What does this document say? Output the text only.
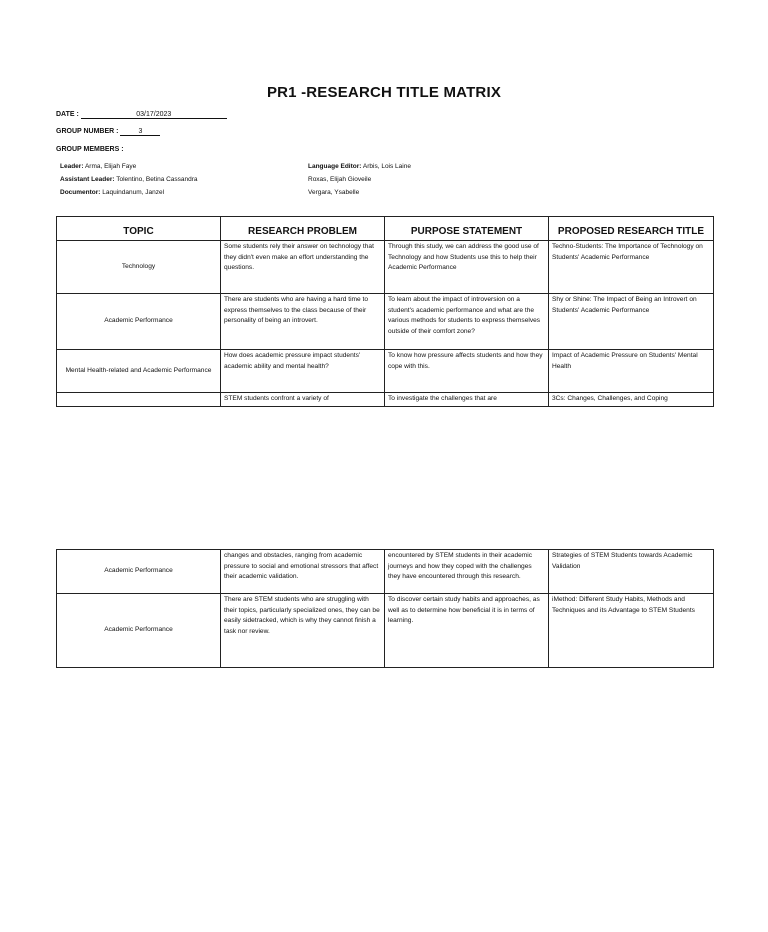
PR1 -RESEARCH TITLE MATRIX
DATE :	03/17/2023
GROUP NUMBER :	3
GROUP MEMBERS :
Leader: Arma, Elijah Faye
Assistant Leader: Tolentino, Betina Cassandra
Documentor: Laquindanum, Janzel
Language Editor: Arbis, Lois Laine
Roxas, Elijah Gioveile
Vergara, Ysabelle
TOPIC	RESEARCH PROBLEM	PURPOSE STATEMENT	PROPOSED RESEARCH TITLE
Technology	Some students rely their answer on technology that they didn't even make an effort understanding the questions.	Through this study, we can address the good use of Technology and how Students use this to help their Academic Performance	Techno-Students: The Importance of Technology on Students' Academic Performance
Academic Performance	There are students who are having a hard time to express themselves to the class because of their personality of being an introvert.	To learn about the impact of introversion on a student's academic performance and what are the various methods for students to express themselves outside of their comfort zone?	Shy or Shine: The Impact of Being an Introvert on Students' Academic Performance
Mental Health-related and Academic Performance	How does academic pressure impact students' academic ability and mental health?	To know how pressure affects students and how they cope with this.	Impact of Academic Pressure on Students' Mental Health
	STEM students confront a variety of	To investigate the challenges that are	3Cs: Changes, Challenges, and Coping
Academic Performance	changes and obstacles, ranging from academic pressure to social and emotional stressors that affect their academic validation.	encountered by STEM students in their academic journeys and how they coped with the challenges they have encountered through this research.	Strategies of STEM Students towards Academic Validation
Academic Performance	There are STEM students who are struggling with their topics, particularly specialized ones, they can be easily sidetracked, which is why they cannot finish a task nor review.	To discover certain study habits and approaches, as well as to determine how beneficial it is in terms of learning.	iMethod: Different Study Habits, Methods and Techniques and its Advantage to STEM Students
